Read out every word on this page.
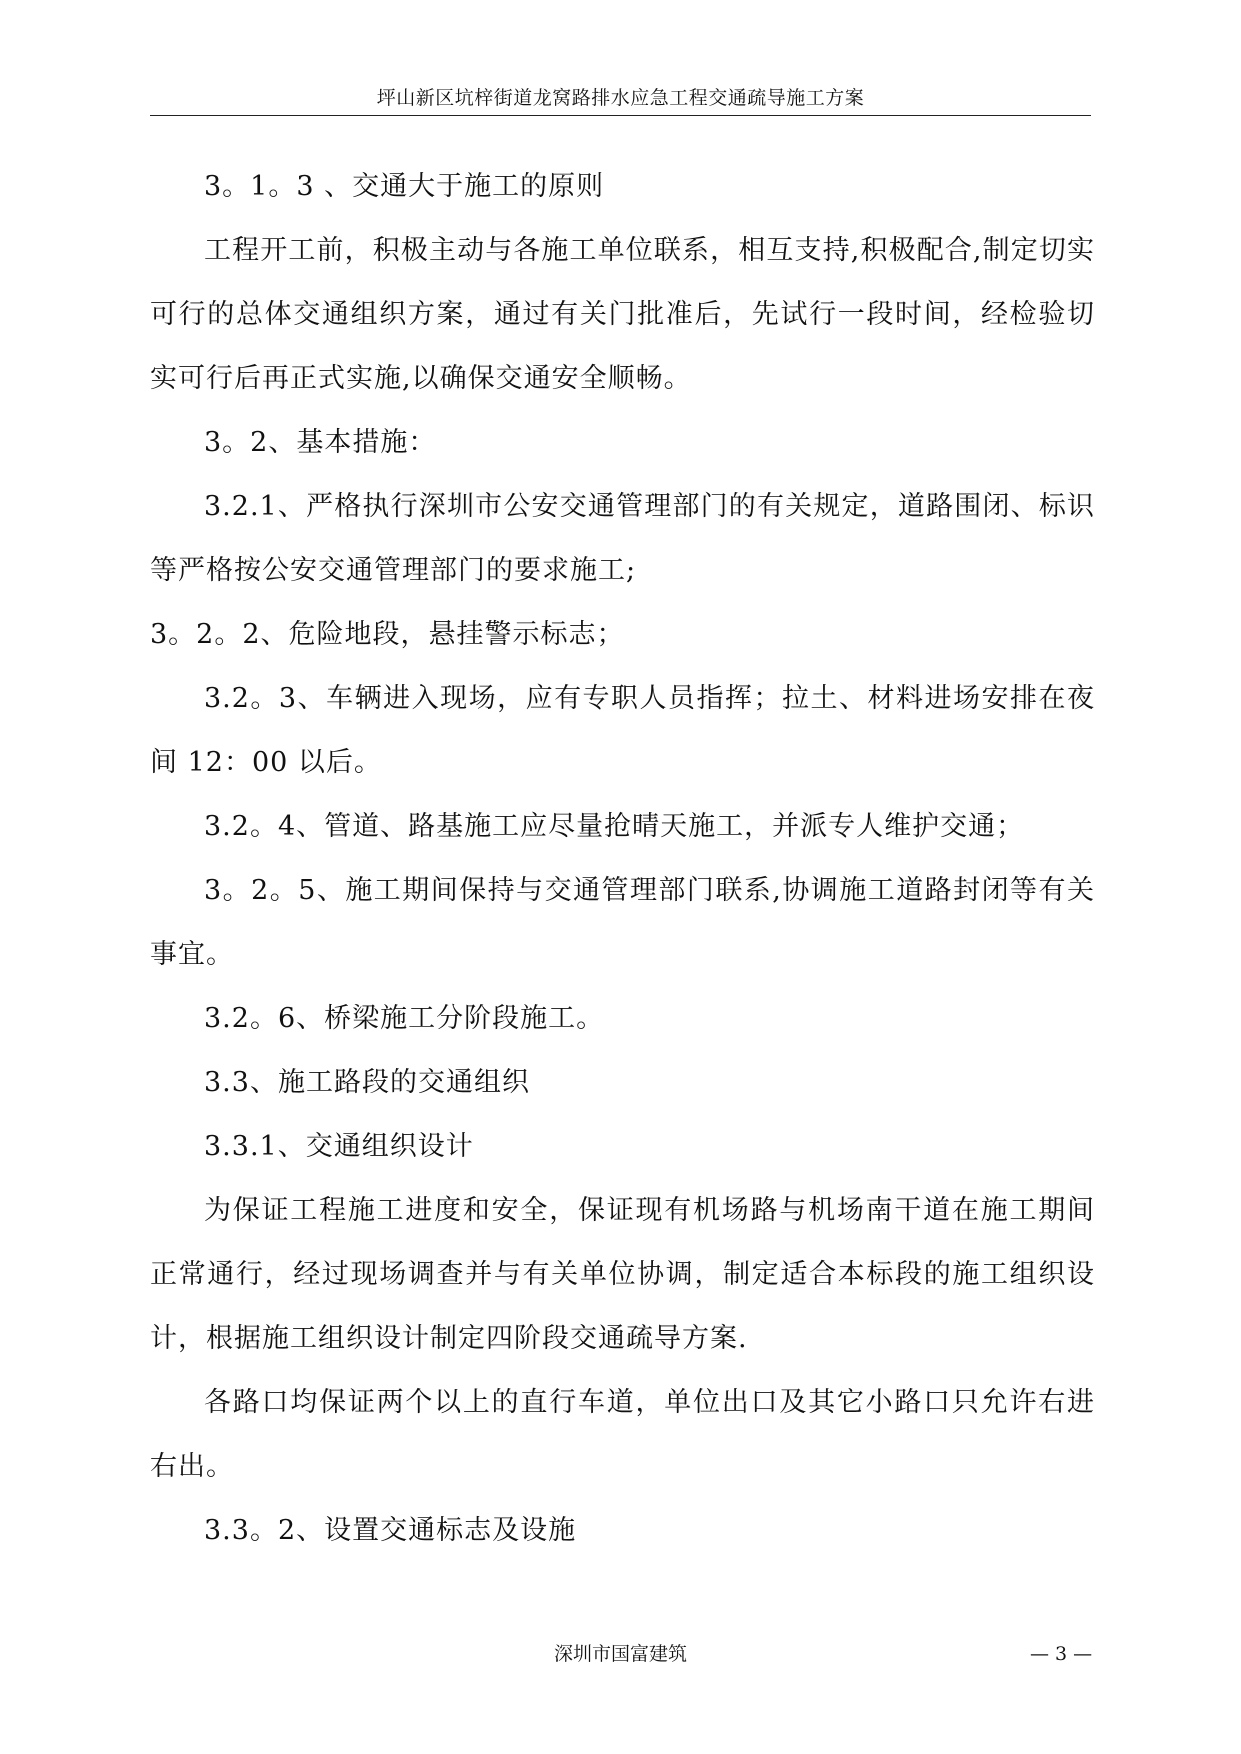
坪山新区坑梓街道龙窝路排水应急工程交通疏导施工方案

3。1。3 、交通大于施工的原则

工程开工前，积极主动与各施工单位联系，相互支持,积极配合,制定切实可行的总体交通组织方案，通过有关门批准后，先试行一段时间，经检验切实可行后再正式实施,以确保交通安全顺畅。

3。2、基本措施：

3.2.1、严格执行深圳市公安交通管理部门的有关规定，道路围闭、标识等严格按公安交通管理部门的要求施工;

3。2。2、危险地段，悬挂警示标志；

3.2。3、车辆进入现场，应有专职人员指挥；拉土、材料进场安排在夜间 12：00 以后。

3.2。4、管道、路基施工应尽量抢晴天施工，并派专人维护交通；

3。2。5、施工期间保持与交通管理部门联系,协调施工道路封闭等有关事宜。

3.2。6、桥梁施工分阶段施工。

3.3、施工路段的交通组织

3.3.1、交通组织设计

为保证工程施工进度和安全，保证现有机场路与机场南干道在施工期间正常通行，经过现场调查并与有关单位协调，制定适合本标段的施工组织设计，根据施工组织设计制定四阶段交通疏导方案.

各路口均保证两个以上的直行车道，单位出口及其它小路口只允许右进右出。

3.3。2、设置交通标志及设施

深圳市国富建筑	— 3 —
